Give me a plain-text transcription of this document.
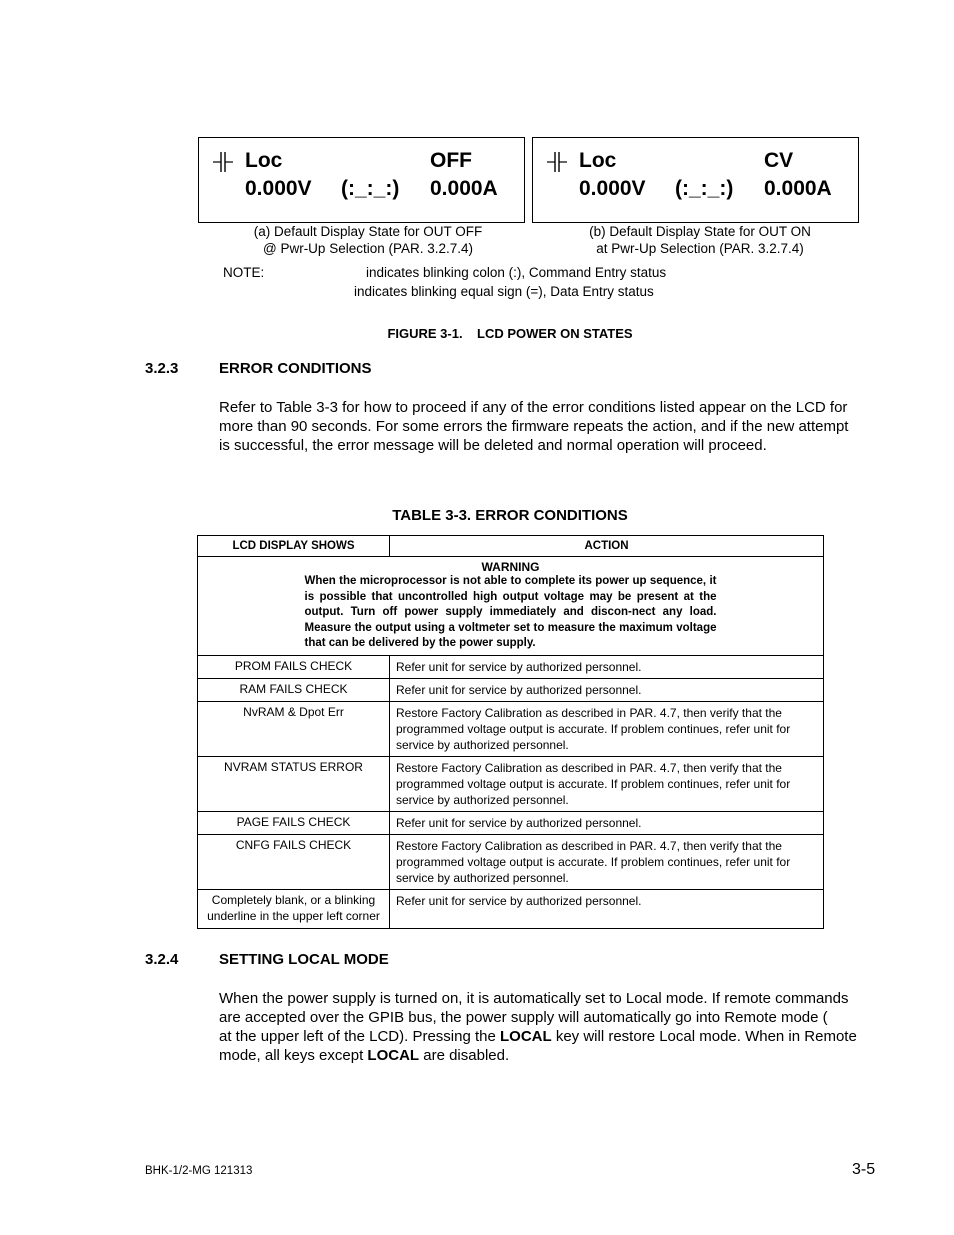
Loc	OFF
0.000V (:_:_:) 0.000A
Loc	CV
0.000V (:_:_:) 0.000A
(a) Default Display State for OUT OFF
@ Pwr-Up Selection (PAR. 3.2.7.4)
(b) Default Display State for OUT ON
at Pwr-Up Selection (PAR. 3.2.7.4)
NOTE:	indicates blinking colon (:), Command Entry status
indicates blinking equal sign (=), Data Entry status
FIGURE 3-1.    LCD POWER ON STATES
3.2.3	ERROR CONDITIONS
Refer to Table 3-3 for how to proceed if any of the error conditions listed appear on the LCD for
more than 90 seconds. For some errors the firmware repeats the action, and if the new attempt
is successful, the error message will be deleted and normal operation will proceed.
TABLE 3-3. ERROR CONDITIONS
LCD DISPLAY SHOWS	ACTION

WARNING
When the microprocessor is not able to complete its power up sequence, it is possible that uncontrolled high output voltage may be present at the output. Turn off power supply immediately and discon-nect any load. Measure the output using a voltmeter set to measure the maximum voltage that can be delivered by the power supply.	

PROM FAILS CHECK	Refer unit for service by authorized personnel.
RAM FAILS CHECK	Refer unit for service by authorized personnel.
NvRAM & Dpot Err	Restore Factory Calibration as described in PAR. 4.7, then verify that the programmed voltage output is accurate. If problem continues, refer unit for service by authorized personnel.
NVRAM STATUS ERROR	Restore Factory Calibration as described in PAR. 4.7, then verify that the programmed voltage output is accurate. If problem continues, refer unit for service by authorized personnel.
PAGE FAILS CHECK	Refer unit for service by authorized personnel.
CNFG FAILS CHECK	Restore Factory Calibration as described in PAR. 4.7, then verify that the programmed voltage output is accurate. If problem continues, refer unit for service by authorized personnel.
Completely blank, or a blinking underline in the upper left corner	Refer unit for service by authorized personnel.
3.2.4	SETTING LOCAL MODE
When the power supply is turned on, it is automatically set to Local mode. If remote commands
are accepted over the GPIB bus, the power supply will automatically go into Remote mode (
at the upper left of the LCD). Pressing the LOCAL key will restore Local mode. When in Remote
mode, all keys except LOCAL are disabled.
BHK-1/2-MG 121313	3-5
